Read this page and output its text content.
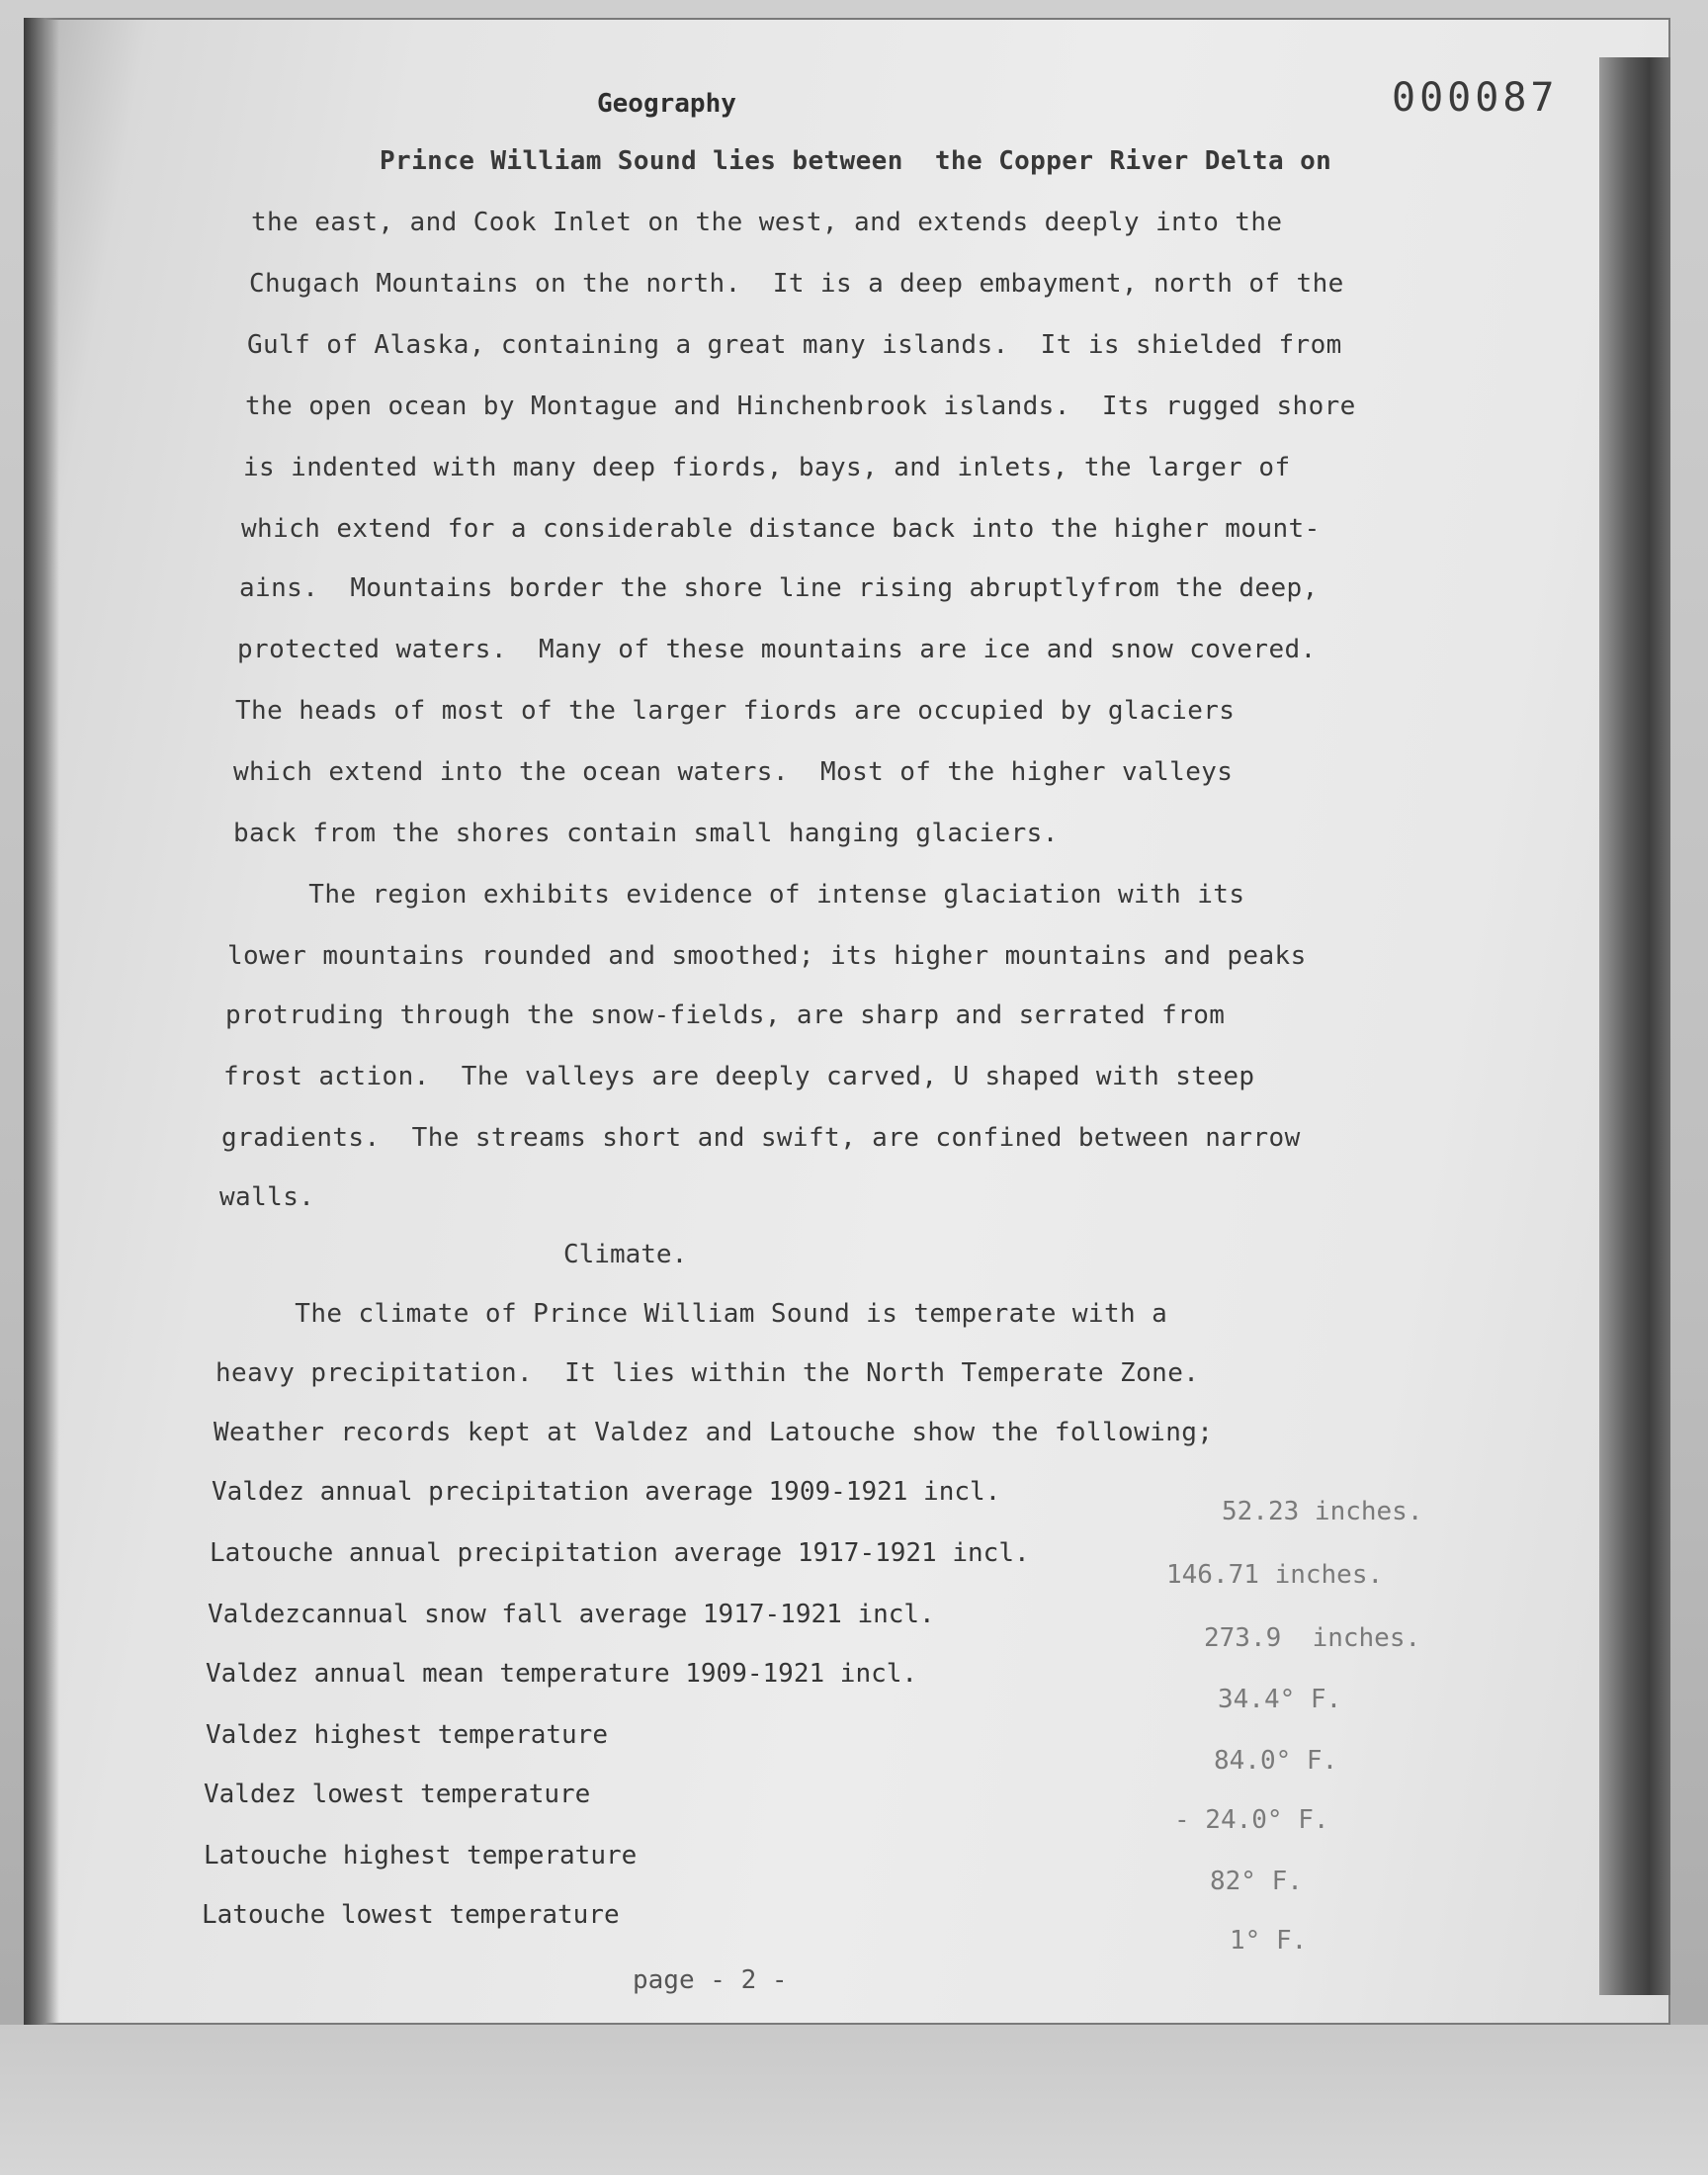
000087
Geography
Prince William Sound lies between  the Copper River Delta on
the east, and Cook Inlet on the west, and extends deeply into the
Chugach Mountains on the north.  It is a deep embayment, north of the
Gulf of Alaska, containing a great many islands.  It is shielded from
the open ocean by Montague and Hinchenbrook islands.  Its rugged shore
is indented with many deep fiords, bays, and inlets, the larger of
which extend for a considerable distance back into the higher mount-
ains.  Mountains border the shore line rising abruptlyfrom the deep,
protected waters.  Many of these mountains are ice and snow covered.
The heads of most of the larger fiords are occupied by glaciers
which extend into the ocean waters.  Most of the higher valleys
back from the shores contain small hanging glaciers.
The region exhibits evidence of intense glaciation with its
lower mountains rounded and smoothed; its higher mountains and peaks
protruding through the snow-fields, are sharp and serrated from
frost action.  The valleys are deeply carved, U shaped with steep
gradients.  The streams short and swift, are confined between narrow
walls.
Climate.
The climate of Prince William Sound is temperate with a
heavy precipitation.  It lies within the North Temperate Zone.
Weather records kept at Valdez and Latouche show the following;
Valdez annual precipitation average 1909-1921 incl.
52.23 inches.
Latouche annual precipitation average 1917-1921 incl.
146.71 inches.
Valdezcannual snow fall average 1917-1921 incl.
273.9  inches.
Valdez annual mean temperature 1909-1921 incl.
34.4° F.
Valdez highest temperature
84.0° F.
Valdez lowest temperature
- 24.0° F.
Latouche highest temperature
82° F.
Latouche lowest temperature
1° F.
page - 2 -
